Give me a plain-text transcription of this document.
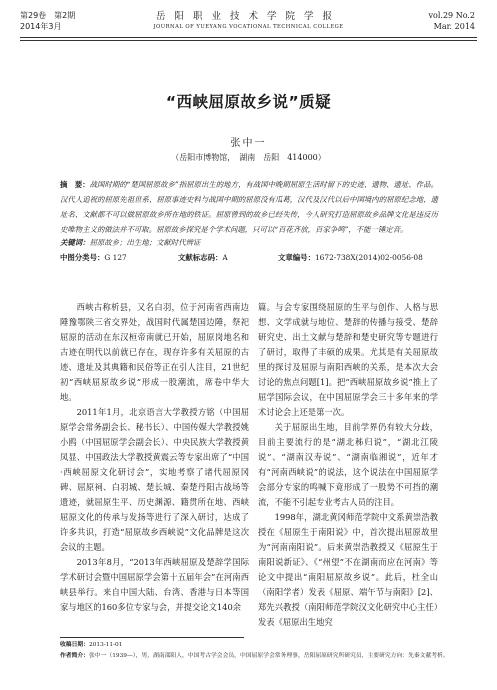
第29卷　第2期
2014年3月
岳阳职业技术学院学报
JOURNAL OF YUEYANG VOCATIONAL TECHNICAL COLLEGE
vol.29 No.2
Mar. 2014
“西峡屈原故乡说”质疑
张中一
（岳阳市博物馆，　湖南　岳阳　414000）
摘　要：战国时期的“楚国屈原故乡”指屈原出生的地方，有战国中晚期屈原生活时留下的史迹、遗物、遗址、作品。汉代人追祝的屈原先祖世系、屈原事迹史料与战国中期的屈原没有瓜葛，汉代及汉代以后中国境内的屈原纪念地、遗址名、文献都不可以做屈原故乡所在地的铁证。屈原曾到的故乡已经失传，今人研究打造屈原故乡品牌文化是违反历史唯物主义的做法并不可取。屈原故乡探究是个学术问题，只可以“百花齐放，百家争鸣”，不能一锤定音。
关键词：屈原故乡；出生地；文献时代辨证
中图分类号：G 127	文献标志码：A	文章编号：1672-738X(2014)02-0056-08

西峡古称析县，又名白羽，位于河南省西南边陲豫鄂陕三省交界处，战国时代属楚国边陲，祭祀屈原的活动在东汉桓帝南就已开始，屈原岗地名和古迹在明代以前就已存在，现存许多有关屈原的古迹、遗址及其典籍和民俗等正在引人注目，21世纪初“西峡屈原故乡说”形成一股潮流，席卷中华大地。

2011年1月，北京语言大学教授方铭（中国屈原学会常务副会长、秘书长）、中国传媒大学教授姚小鸥（中国屈原学会副会长）、中央民族大学教授黄凤显、中国政法大学教授黄震云等专家出席了“中国·西峡屈原文化研讨会”，实地考察了诸代屈原冈碑、屈原祠、白羽城、楚长城、秦楚丹阳古战场等遗迹，就屈原生平、历史渊源、籍贯所在地、西峡屈原文化的传承与发扬等进行了深入研讨，达成了许多共识，打造“屈原故乡西峡说”文化品牌是这次会议的主题。

2013年8月，“2013年西峡屈原及楚辞学国际学术研讨会暨中国屈原学会第十五届年会”在河南西峡县举行。来自中国大陆、台湾、香港与日本等国家与地区的160多位专家与会，并提交论文140余

篇。与会专家围绕屈原的生平与创作、人格与思想、文学成就与地位、楚辞的传播与接受、楚辞研究史、出土文献与楚辞和楚史研究等专题进行了研讨，取得了丰硕的成果。尤其是有关屈原故里的探讨及屈原与南阳西峡的关系，是本次大会讨论的焦点问题[1]。把“西峡屈原故乡说”推上了屈学国际会议，在中国屈原学会三十多年来的学术讨论会上还是第一次。

关于屈原出生地，目前学界仍有较大分歧，目前主要流行的是“湖北秭归说”，“湖北江陵说”、“湖南汉寿说”、“湖南临湘说”，近年才有“河南西峡说”的说法，这个说法在中国屈原学会部分专家的鸣喊下竟形成了一股势不可挡的潮流，不能不引起专业考古人员的注目。

1998年，湖北黄冈师范学院中文系黄崇浩教授在《屈原生于南阳说》中，首次提出屈原故里为“河南南阳说”。后来黄崇浩教授又《屈原生于南阳说新证》、《“州望”不在湖南而应在河南》等论文中提出“南阳屈原故乡说”。此后，杜全山（南阳学者）发表《屈原、端午节与南阳》[2]、郑先兴教授（南阳师范学院汉文化研究中心主任）发表《屈原出生地究

收稿日期：2013-11-01
作者简介：张中一（1939—），男，湖南邵阳人，中国考古学会会员，中国屈原学会常务理事，岳阳屈原研究所研究员，主要研究方向：先秦文献考析。
